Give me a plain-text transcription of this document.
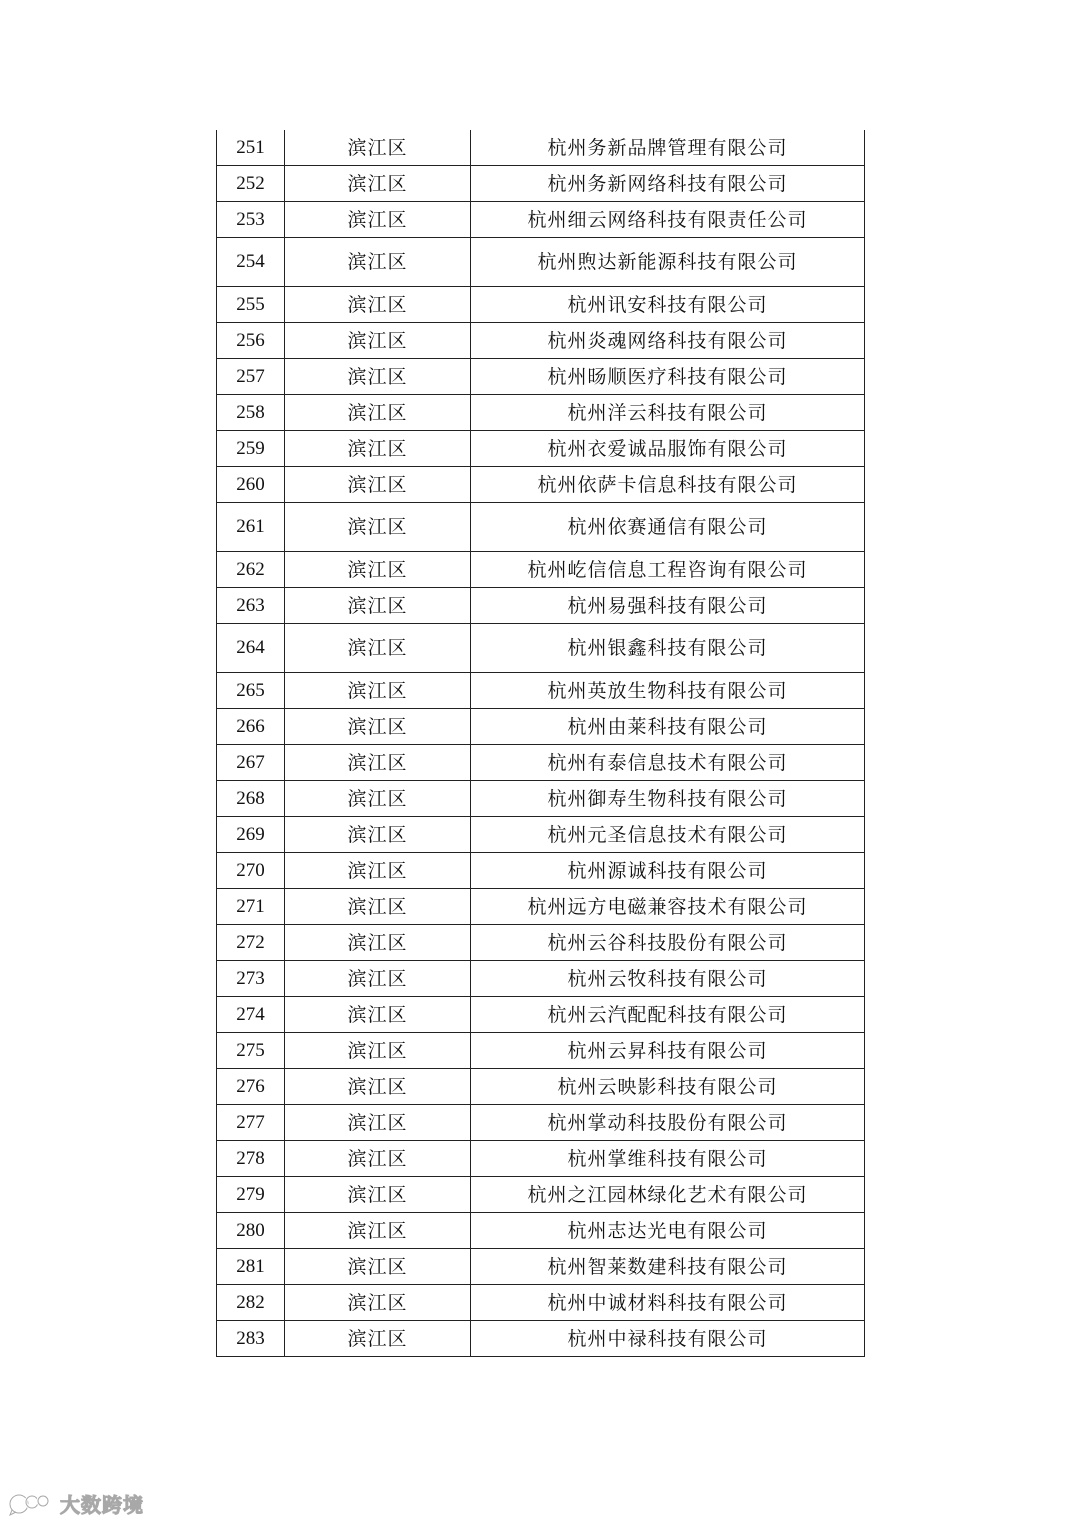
251	滨江区	杭州务新品牌管理有限公司
252	滨江区	杭州务新网络科技有限公司
253	滨江区	杭州细云网络科技有限责任公司
254	滨江区	杭州煦达新能源科技有限公司
255	滨江区	杭州讯安科技有限公司
256	滨江区	杭州炎魂网络科技有限公司
257	滨江区	杭州旸顺医疗科技有限公司
258	滨江区	杭州洋云科技有限公司
259	滨江区	杭州衣爱诚品服饰有限公司
260	滨江区	杭州依萨卡信息科技有限公司
261	滨江区	杭州依赛通信有限公司
262	滨江区	杭州屹信信息工程咨询有限公司
263	滨江区	杭州易强科技有限公司
264	滨江区	杭州银鑫科技有限公司
265	滨江区	杭州英放生物科技有限公司
266	滨江区	杭州由莱科技有限公司
267	滨江区	杭州有泰信息技术有限公司
268	滨江区	杭州御寿生物科技有限公司
269	滨江区	杭州元圣信息技术有限公司
270	滨江区	杭州源诚科技有限公司
271	滨江区	杭州远方电磁兼容技术有限公司
272	滨江区	杭州云谷科技股份有限公司
273	滨江区	杭州云牧科技有限公司
274	滨江区	杭州云汽配配科技有限公司
275	滨江区	杭州云昇科技有限公司
276	滨江区	杭州云映影科技有限公司
277	滨江区	杭州掌动科技股份有限公司
278	滨江区	杭州掌维科技有限公司
279	滨江区	杭州之江园林绿化艺术有限公司
280	滨江区	杭州志达光电有限公司
281	滨江区	杭州智莱数建科技有限公司
282	滨江区	杭州中诚材料科技有限公司
283	滨江区	杭州中禄科技有限公司
大数跨境
